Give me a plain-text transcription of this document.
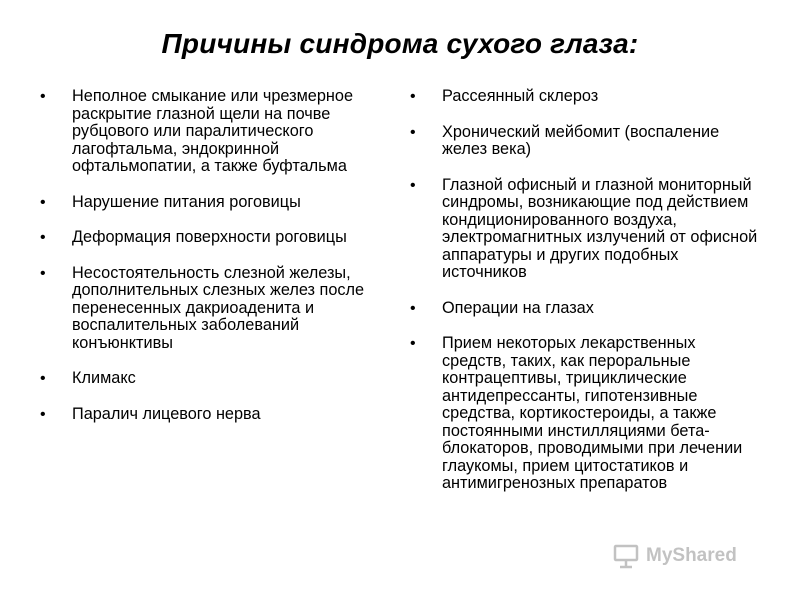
Причины синдрома сухого глаза:
•	Неполное смыкание или чрезмерное раскрытие глазной щели на почве рубцового или паралитического лагофтальма, эндокринной офтальмопатии, а также буфтальма
•	Нарушение питания роговицы
•	Деформация поверхности роговицы
•	Несостоятельность слезной железы, дополнительных слезных желез после перенесенных дакриоаденита и воспалительных заболеваний конъюнктивы
•	Климакс
•	Паралич лицевого нерва
•	Рассеянный склероз
•	Хронический мейбомит (воспаление желез века)
•	Глазной офисный и глазной мониторный синдромы, возникающие под действием кондиционированного воздуха, электромагнитных излучений от офисной аппаратуры и других подобных источников
•	Операции на глазах
•	Прием некоторых лекарственных средств, таких, как пероральные контрацептивы, трициклические антидепрессанты, гипотензивные средства, кортикостероиды, а также постоянными инстилляциями бета-блокаторов, проводимыми при лечении глаукомы, прием цитостатиков и антимигренозных препаратов
MyShared
